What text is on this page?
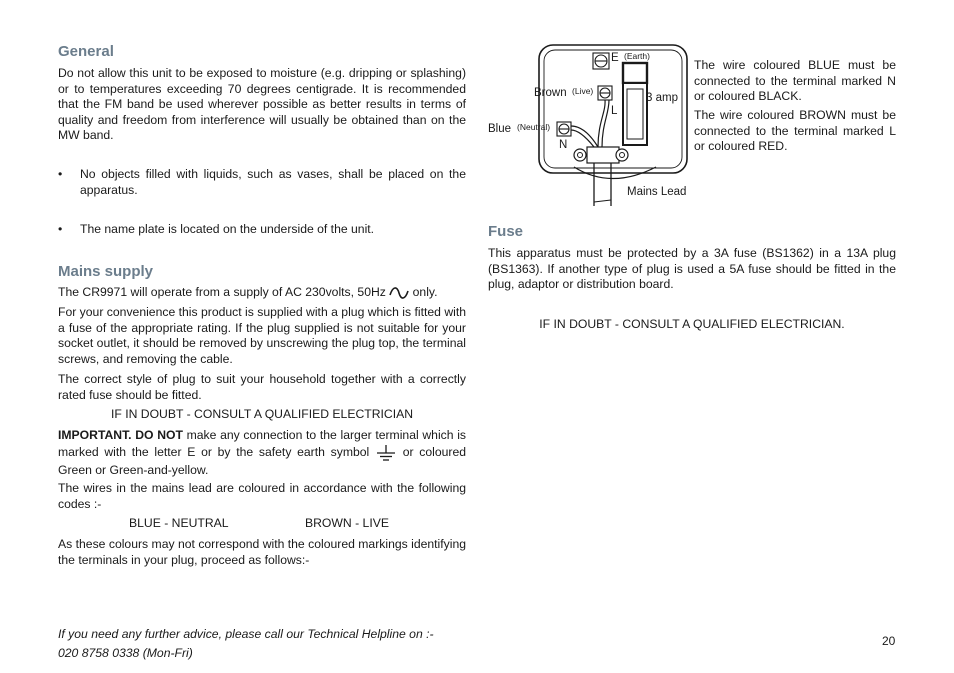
General

Do not allow this unit to be exposed to moisture (e.g. dripping or splashing) or to temperatures exceeding 70 degrees centigrade. It is recommended that the FM band be used wherever possible as better results in terms of quality and freedom from interference will usually be obtained than on the MW band.

• No objects filled with liquids, such as vases, shall be placed on the apparatus.

• The name plate is located on the underside of the unit.

Mains supply

The CR9971 will operate from a supply of AC 230volts, 50Hz only.

For your convenience this product is supplied with a plug which is fitted with a fuse of the appropriate rating. If the plug supplied is not suitable for your socket outlet, it should be removed by unscrewing the plug top, the terminal screws, and removing the cable.

The correct style of plug to suit your household together with a correctly rated fuse should be fitted.

IF IN DOUBT - CONSULT A QUALIFIED ELECTRICIAN

IMPORTANT. DO NOT make any connection to the larger terminal which is marked with the letter E or by the safety earth symbol	or coloured Green or Green-and-yellow.

The wires in the mains lead are coloured in accordance with the following codes :-

BLUE - NEUTRAL	BROWN - LIVE

As these colours may not correspond with the coloured markings identifying the terminals in your plug, proceed as follows:-

If you need any further advice, please call our Technical Helpline on :-

020 8758 0338 (Mon-Fri)

E (Earth)
Brown (Live)
3 amp
L
Blue (Neutral)
N
Mains Lead

The wire coloured BLUE must be connected to the terminal marked N or coloured BLACK.

The wire coloured BROWN must be connected to the terminal marked L or coloured RED.

Fuse

This apparatus must be protected by a 3A fuse (BS1362) in a 13A plug (BS1363). If another type of plug is used a 5A fuse should be fitted in the plug, adaptor or distribution board.

IF IN DOUBT - CONSULT A QUALIFIED ELECTRICIAN.

20
